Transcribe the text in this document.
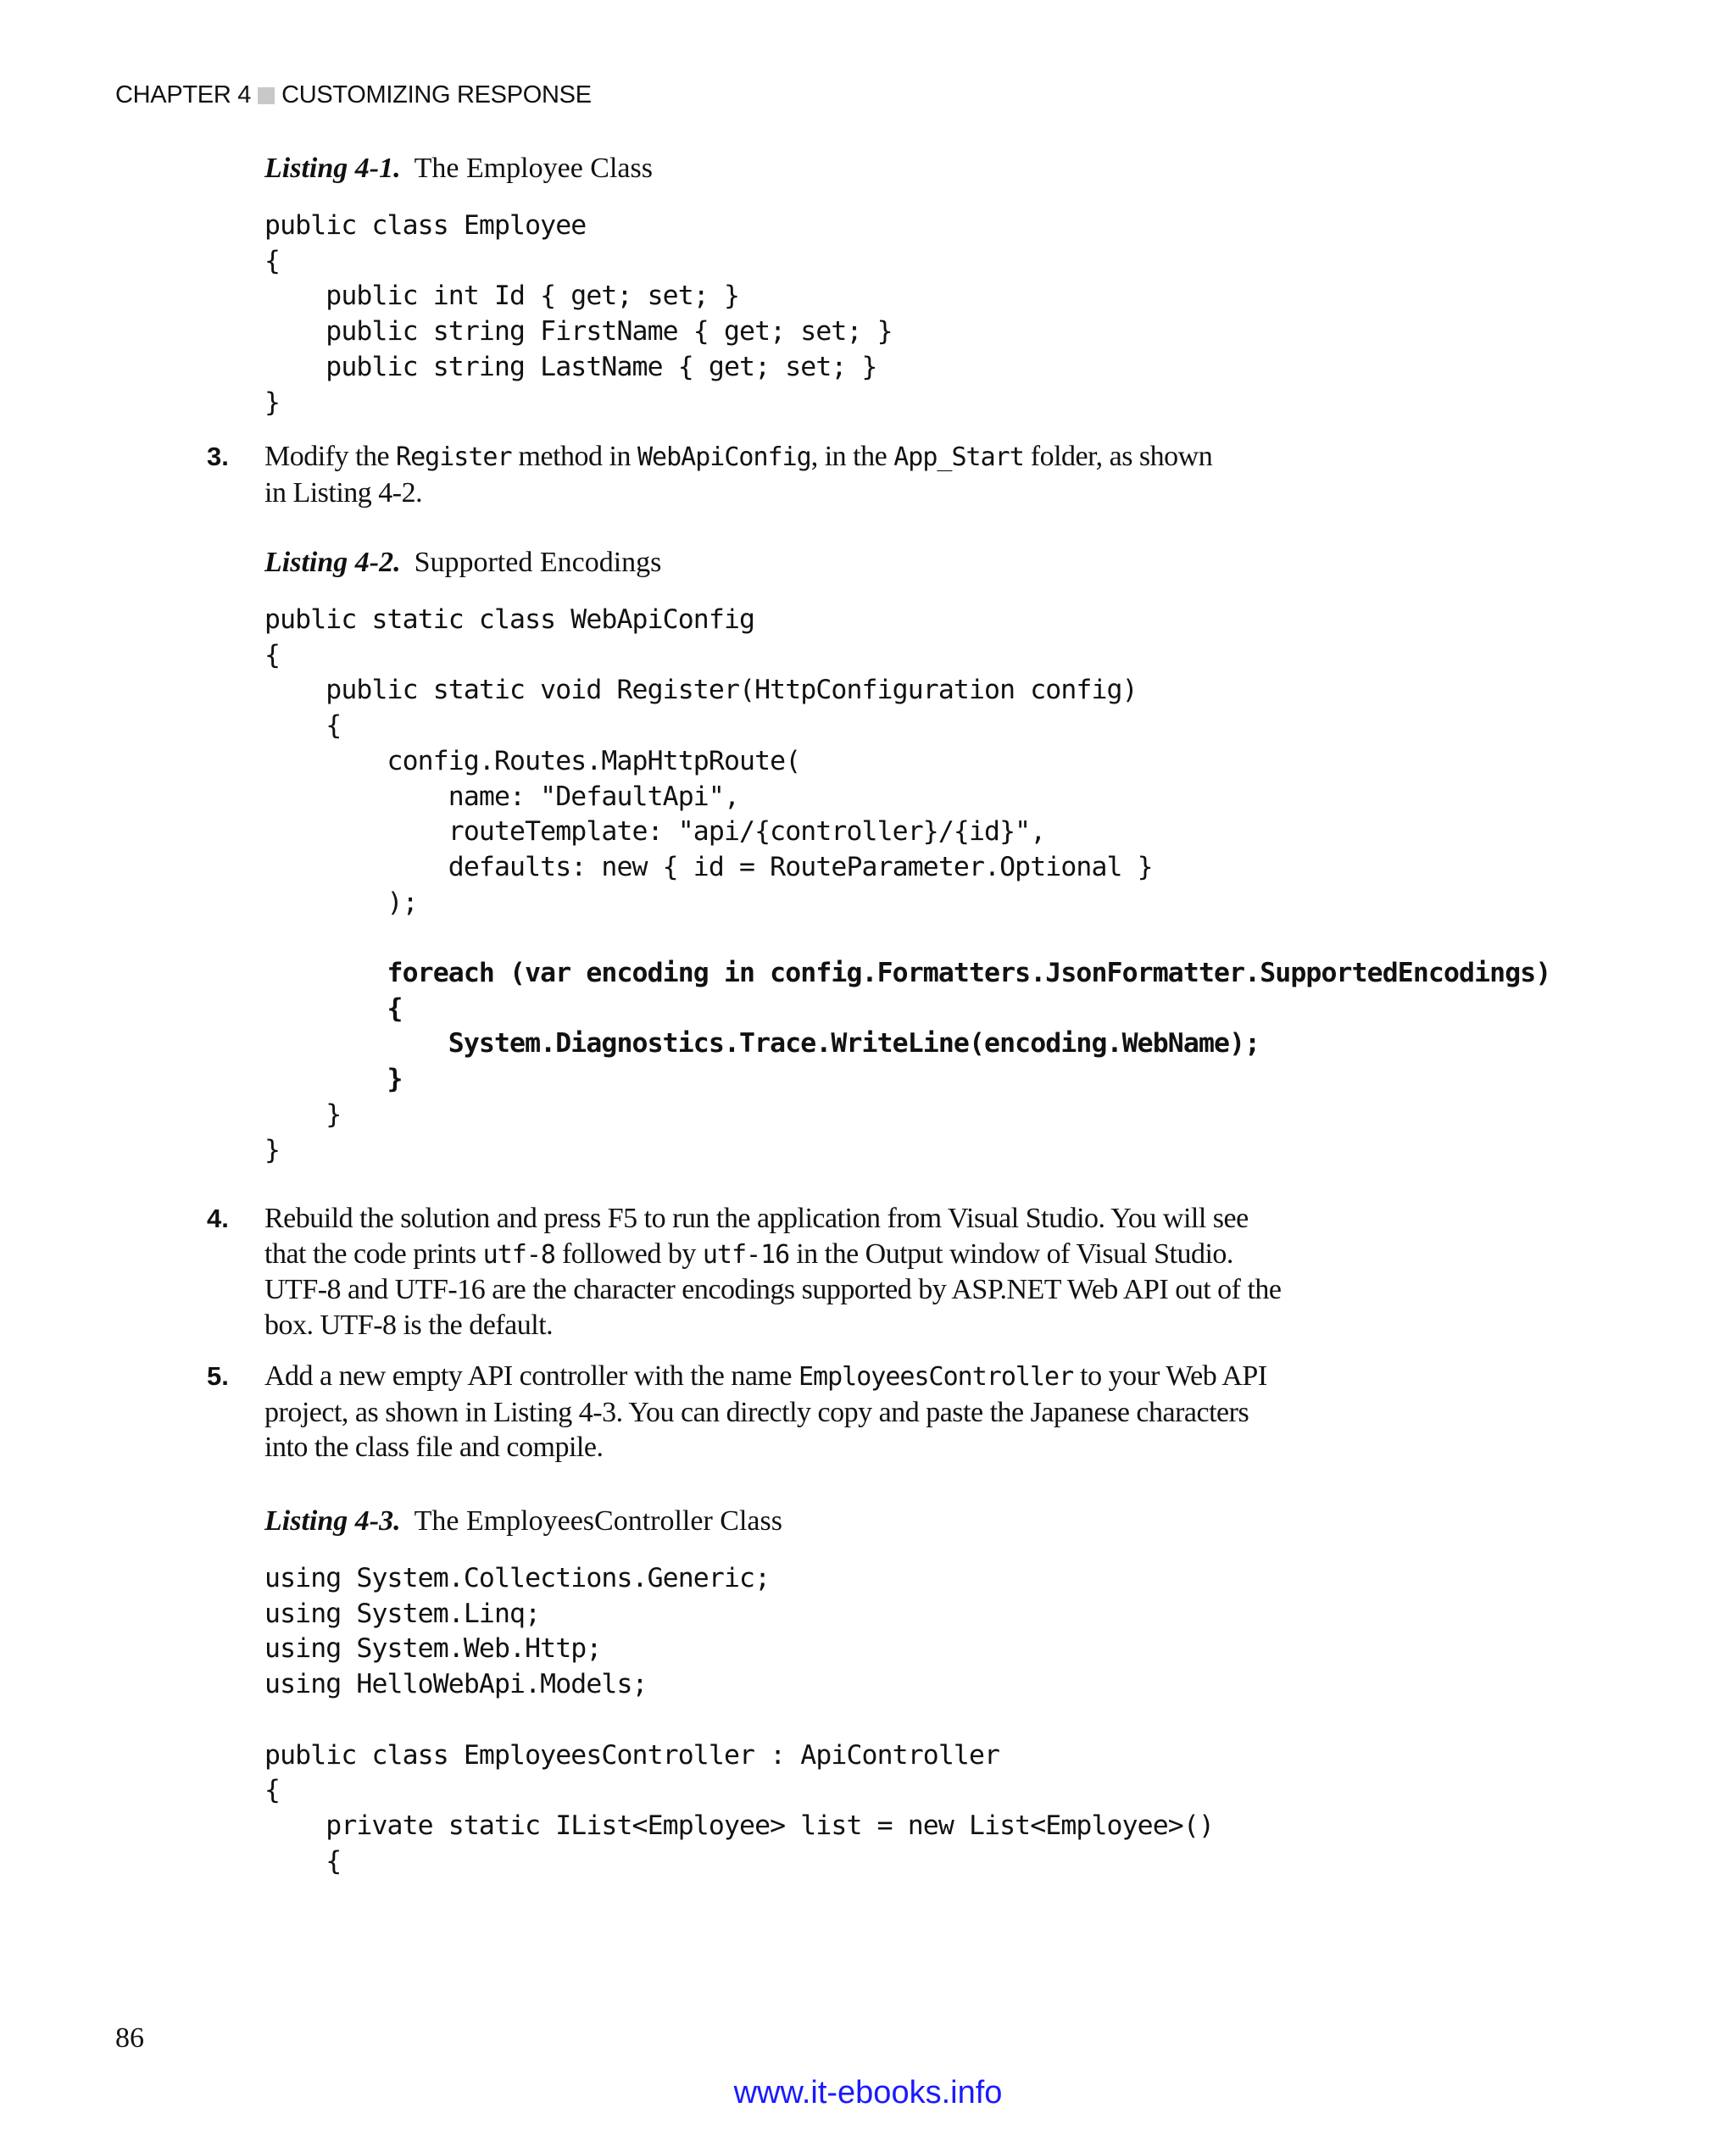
CHAPTER 4 CUSTOMIZING RESPONSE
Listing 4-1. The Employee Class
public class Employee
{
public int Id { get; set; }
public string FirstName { get; set; }
public string LastName { get; set; }
}
3. Modify the Register method in WebApiConfig, in the App_Start folder, as shown
in Listing 4-2.
Listing 4-2. Supported Encodings
public static class WebApiConfig
{
public static void Register(HttpConfiguration config)
{
config.Routes.MapHttpRoute(
name: "DefaultApi",
routeTemplate: "api/{controller}/{id}",
defaults: new { id = RouteParameter.Optional }
);

foreach (var encoding in config.Formatters.JsonFormatter.SupportedEncodings)
{
System.Diagnostics.Trace.WriteLine(encoding.WebName);
}
}
}
4. Rebuild the solution and press F5 to run the application from Visual Studio. You will see
that the code prints utf-8 followed by utf-16 in the Output window of Visual Studio.
UTF-8 and UTF-16 are the character encodings supported by ASP.NET Web API out of the
box. UTF-8 is the default.
5. Add a new empty API controller with the name EmployeesController to your Web API
project, as shown in Listing 4-3. You can directly copy and paste the Japanese characters
into the class file and compile.
Listing 4-3. The EmployeesController Class
using System.Collections.Generic;
using System.Linq;
using System.Web.Http;
using HelloWebApi.Models;

public class EmployeesController : ApiController
{
private static IList<Employee> list = new List<Employee>()
{
86
www.it-ebooks.info
